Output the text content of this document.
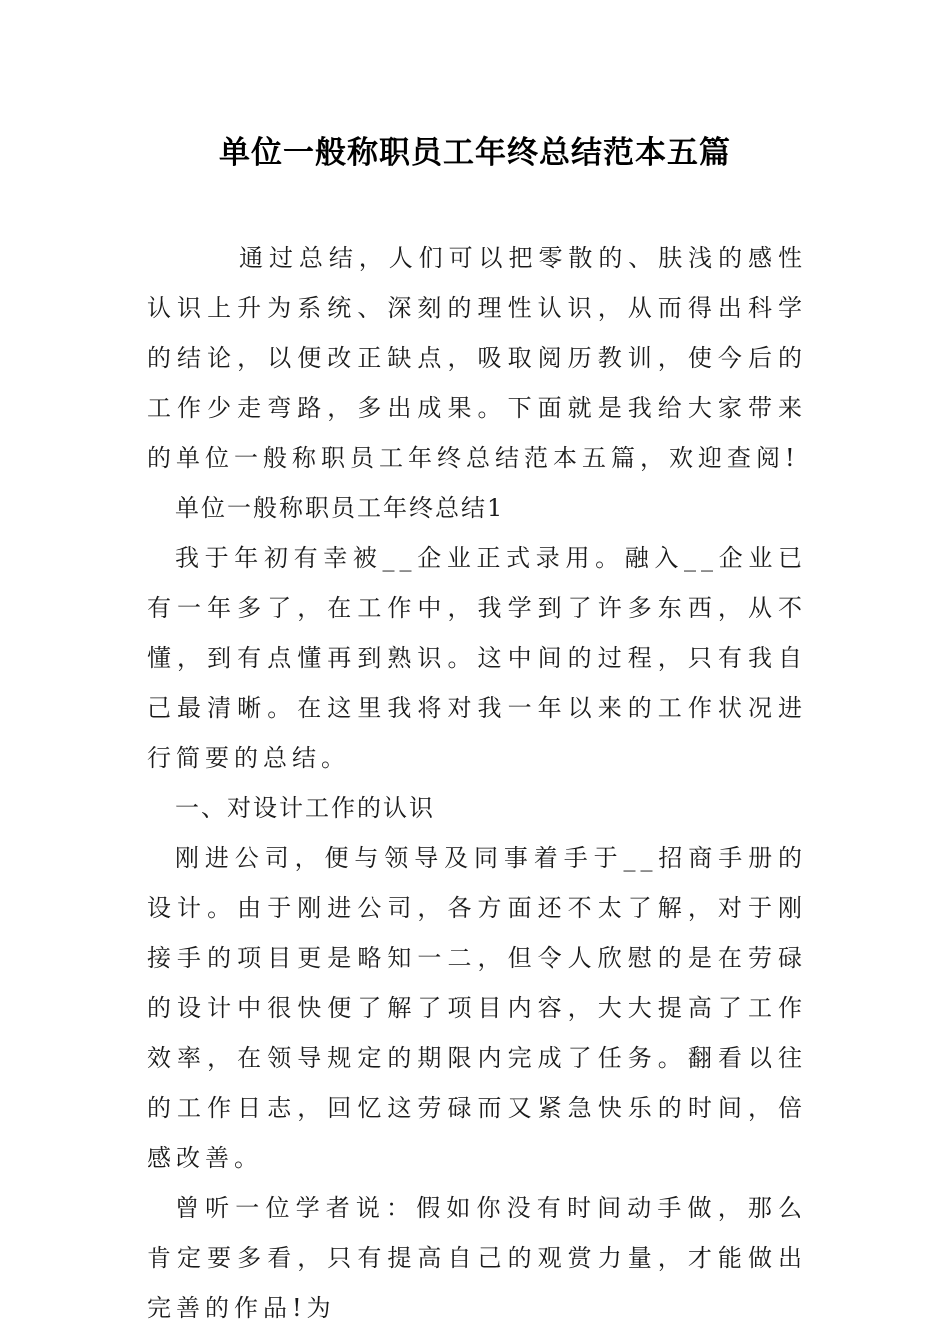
单位一般称职员工年终总结范本五篇

通过总结，人们可以把零散的、肤浅的感性认识上升为系统、深刻的理性认识，从而得出科学的结论，以便改正缺点，吸取阅历教训，使今后的工作少走弯路，多出成果。下面就是我给大家带来的单位一般称职员工年终总结范本五篇，欢迎查阅!

单位一般称职员工年终总结1

我于年初有幸被__企业正式录用。融入__企业已有一年多了，在工作中，我学到了许多东西，从不懂，到有点懂再到熟识。这中间的过程，只有我自己最清晰。在这里我将对我一年以来的工作状况进行简要的总结。

一、对设计工作的认识

刚进公司，便与领导及同事着手于__招商手册的设计。由于刚进公司，各方面还不太了解，对于刚接手的项目更是略知一二，但令人欣慰的是在劳碌的设计中很快便了解了项目内容，大大提高了工作效率，在领导规定的期限内完成了任务。翻看以往的工作日志，回忆这劳碌而又紧急快乐的时间，倍感改善。

曾听一位学者说：假如你没有时间动手做，那么肯定要多看，只有提高自己的观赏力量，才能做出完善的作品!为
